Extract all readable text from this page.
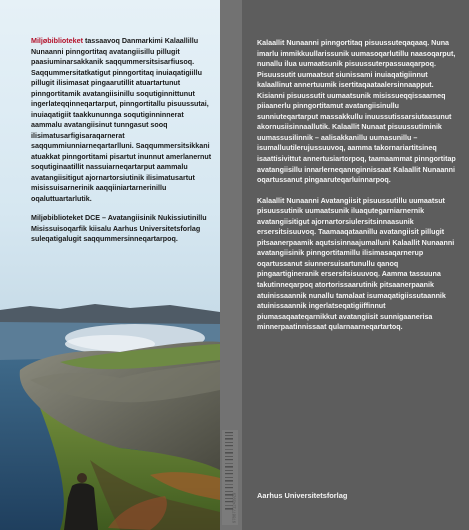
Miljøbiblioteket tassaavoq Danmarkimi Kalaallillu Nunaanni pinngortitaq avatangiisillu pillugit paasiuminarsakkanik saqqummersitsisarfiusoq. Saqqummersitatkatigut pinngortitaq inuiaqatigiillu pillugit ilisimasat pingaarutillit atuartartunut pinngortitamik avatangiisinillu soqutiginnittunut ingerlateqqinneqartarput, pinngortitallu pisuussutai, inuiaqatigiit taakkununnga soqutiginninnerat aammalu avatangiisinut tunngasut sooq ilisimatusarfigisaraqarnerat saqqummiunniarneqartarlluni. Saqqummersitsikkani atuakkat pinngortitami pisartut inunnut amerlanernut soqutiginaatillit nassuiarneqartarput aammalu avatangiisitigut ajornartorsiutinik ilisimatusartut misissuisarnerinik aaqqiiniartarnerinillu oqaluttuartarlutik.

Miljøbiblioteket DCE – Avatangiisinik Nukissiutinillu Misissuisoqarfik kiisalu Aarhus Universitetsforlag suleqatigalugit saqqummersinneqartarpoq.

9788771245929

Kalaallit Nunaanni pinngortitaq pisuussuteqaqaaq. Nuna imarlu immikkuullarissunik uumasoqarlutillu naasoqarput, nunallu iluа uumaatsunik pisuussuterpassuaqarpoq. Pisuussutit uumaatsut siunissami inuiaqatigiinnut kalaallinut annertuumik isertitaqaataalersinnaapput. Kisianni pisuussutit uumaatsunik misissueqqissaarneq piiaanerlu pinngortitamut avatangiisinullu sunniuteqartarput massakkullu inuussutissarsiutaasunut akornusiisinnaallutik. Kalaallit Nunaat pisuussutiminik uumassusilinnik – aalisakkanillu uumasunillu – isumalluutilerujussuuvoq, aamma takornariartitsineq isaattisivittut annertusiartorpoq, taamaammat pinngortitap avatangiisillu innarlerneqannginnissaat Kalaallit Nunaanni oqartussanut pingaaruteqarluinnarpoq.

Kalaallit Nunaanni Avatangiisit pisuussutillu uumaatsut pisuussutinik uumaatsunik iluaqutegarniarnernik avatangiisitigut ajornartorsiulersitsinnaasunik ersersitsisuuvoq. Taamaaqataanillu avatangiisit pillugit pitsaanerpaamik aqutsisinnaajumalluni Kalaallit Nunaanni avatangiisinik pinngortitamillu ilisimasaqarnerup oqartussanut siunnersuisartunullu qanoq pingaartigineranik ersersitsisuuvoq. Aamma tassuuna takutinneqarpoq atortorissaarutinik pitsaanerpaanik atuinissaannik nunallu tamalaat isumaqatigiissutaannik atuinissaannik ingerlatseqatigiiffinnut piumasaqaateqarnikkut avatangiisit sunnigaanerisa minnerpaatinnissaat qularnaarneqartartoq.

Aarhus Universitetsforlag
